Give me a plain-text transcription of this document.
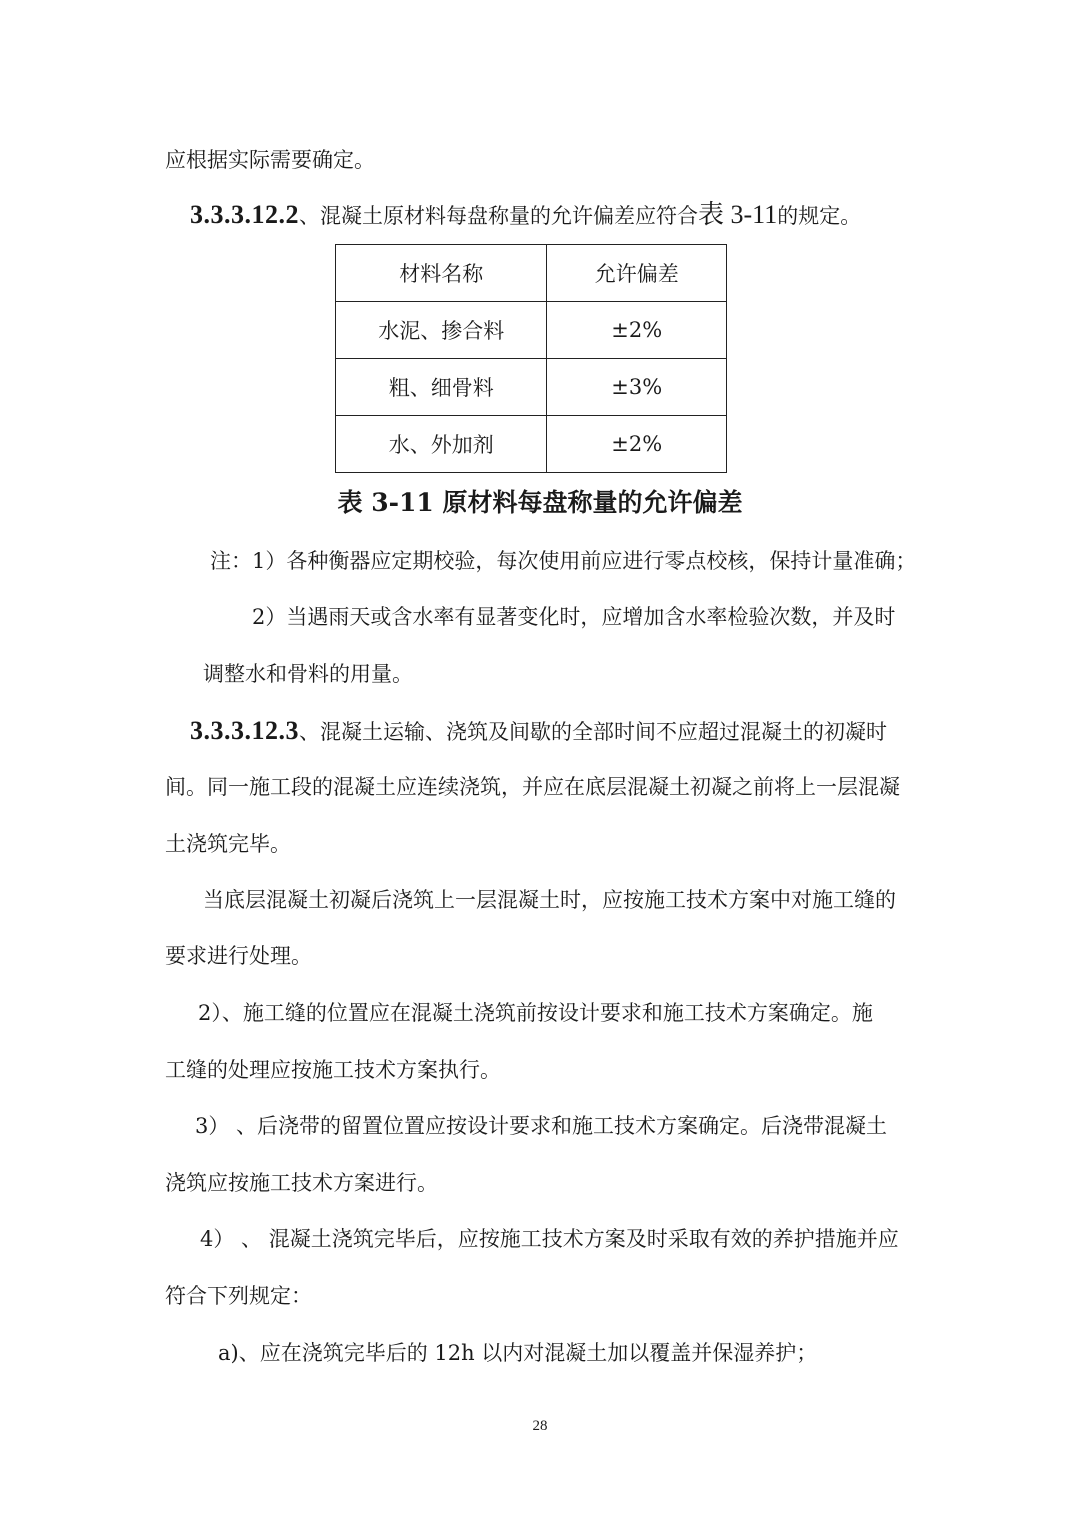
应根据实际需要确定。
3.3.3.12.2、混凝土原材料每盘称量的允许偏差应符合表 3-11的规定。
材料名称	允许偏差
水泥、掺合料	±2%
粗、细骨料	±3%
水、外加剂	±2%
表 3-11 原材料每盘称量的允许偏差
注：1）各种衡器应定期校验，每次使用前应进行零点校核，保持计量准确；
2）当遇雨天或含水率有显著变化时，应增加含水率检验次数，并及时
调整水和骨料的用量。
3.3.3.12.3、混凝土运输、浇筑及间歇的全部时间不应超过混凝土的初凝时
间。同一施工段的混凝土应连续浇筑，并应在底层混凝土初凝之前将上一层混凝
土浇筑完毕。
当底层混凝土初凝后浇筑上一层混凝土时，应按施工技术方案中对施工缝的
要求进行处理。
2）、施工缝的位置应在混凝土浇筑前按设计要求和施工技术方案确定。施
工缝的处理应按施工技术方案执行。
3） 、后浇带的留置位置应按设计要求和施工技术方案确定。后浇带混凝土
浇筑应按施工技术方案进行。
4） 、 混凝土浇筑完毕后，应按施工技术方案及时采取有效的养护措施并应
符合下列规定：
a)、应在浇筑完毕后的 12h 以内对混凝土加以覆盖并保湿养护；
28
